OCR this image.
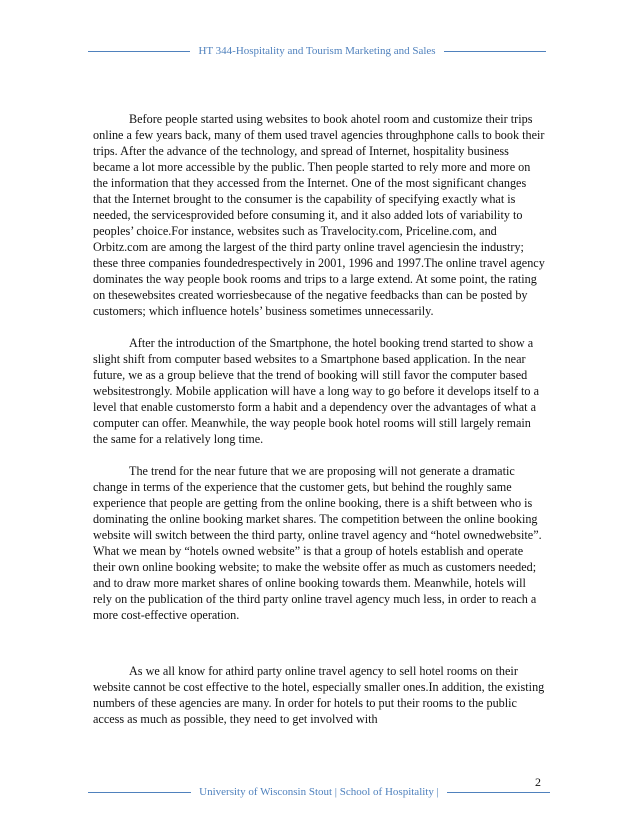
HT 344-Hospitality and Tourism Marketing and Sales

Before people started using websites to book ahotel room and customize their trips online a few years back, many of them used travel agencies throughphone calls to book their trips. After the advance of the technology, and spread of Internet, hospitality business became a lot more accessible by the public. Then people started to rely more and more on the information that they accessed from the Internet. One of the most significant changes that the Internet brought to the consumer is the capability of specifying exactly what is needed, the servicesprovided before consuming it, and it also added lots of variability to peoples’ choice.For instance, websites such as Travelocity.com, Priceline.com, and Orbitz.com are among the largest of the third party online travel agenciesin the industry; these three companies foundedrespectively in 2001, 1996 and 1997.The online travel agency dominates the way people book rooms and trips to a large extend. At some point, the rating on thesewebsites created worriesbecause of the negative feedbacks than can be posted by customers; which influence hotels’ business sometimes unnecessarily.

After the introduction of the Smartphone, the hotel booking trend started to show a slight shift from computer based websites to a Smartphone based application. In the near future, we as a group believe that the trend of booking will still favor the computer based websitestrongly. Mobile application will have a long way to go before it develops itself to a level that enable customersto form a habit and a dependency over the advantages of what a computer can offer. Meanwhile, the way people book hotel rooms will still largely remain the same for a relatively long time.

The trend for the near future that we are proposing will not generate a dramatic change in terms of the experience that the customer gets, but behind the roughly same experience that people are getting from the online booking, there is a shift between who is dominating the online booking market shares. The competition between the online booking website will switch between the third party, online travel agency and “hotel ownedwebsite”. What we mean by “hotels owned website” is that a group of hotels establish and operate their own online booking website; to make the website offer as much as customers needed; and to draw more market shares of online booking towards them. Meanwhile, hotels will rely on the publication of the third party online travel agency much less, in order to reach a more cost-effective operation.

As we all know for athird party online travel agency to sell hotel rooms on their website cannot be cost effective to the hotel, especially smaller ones.In addition, the existing numbers of these agencies are many. In order for hotels to put their rooms to the public access as much as possible, they need to get involved with

2
University of Wisconsin Stout | School of Hospitality |
